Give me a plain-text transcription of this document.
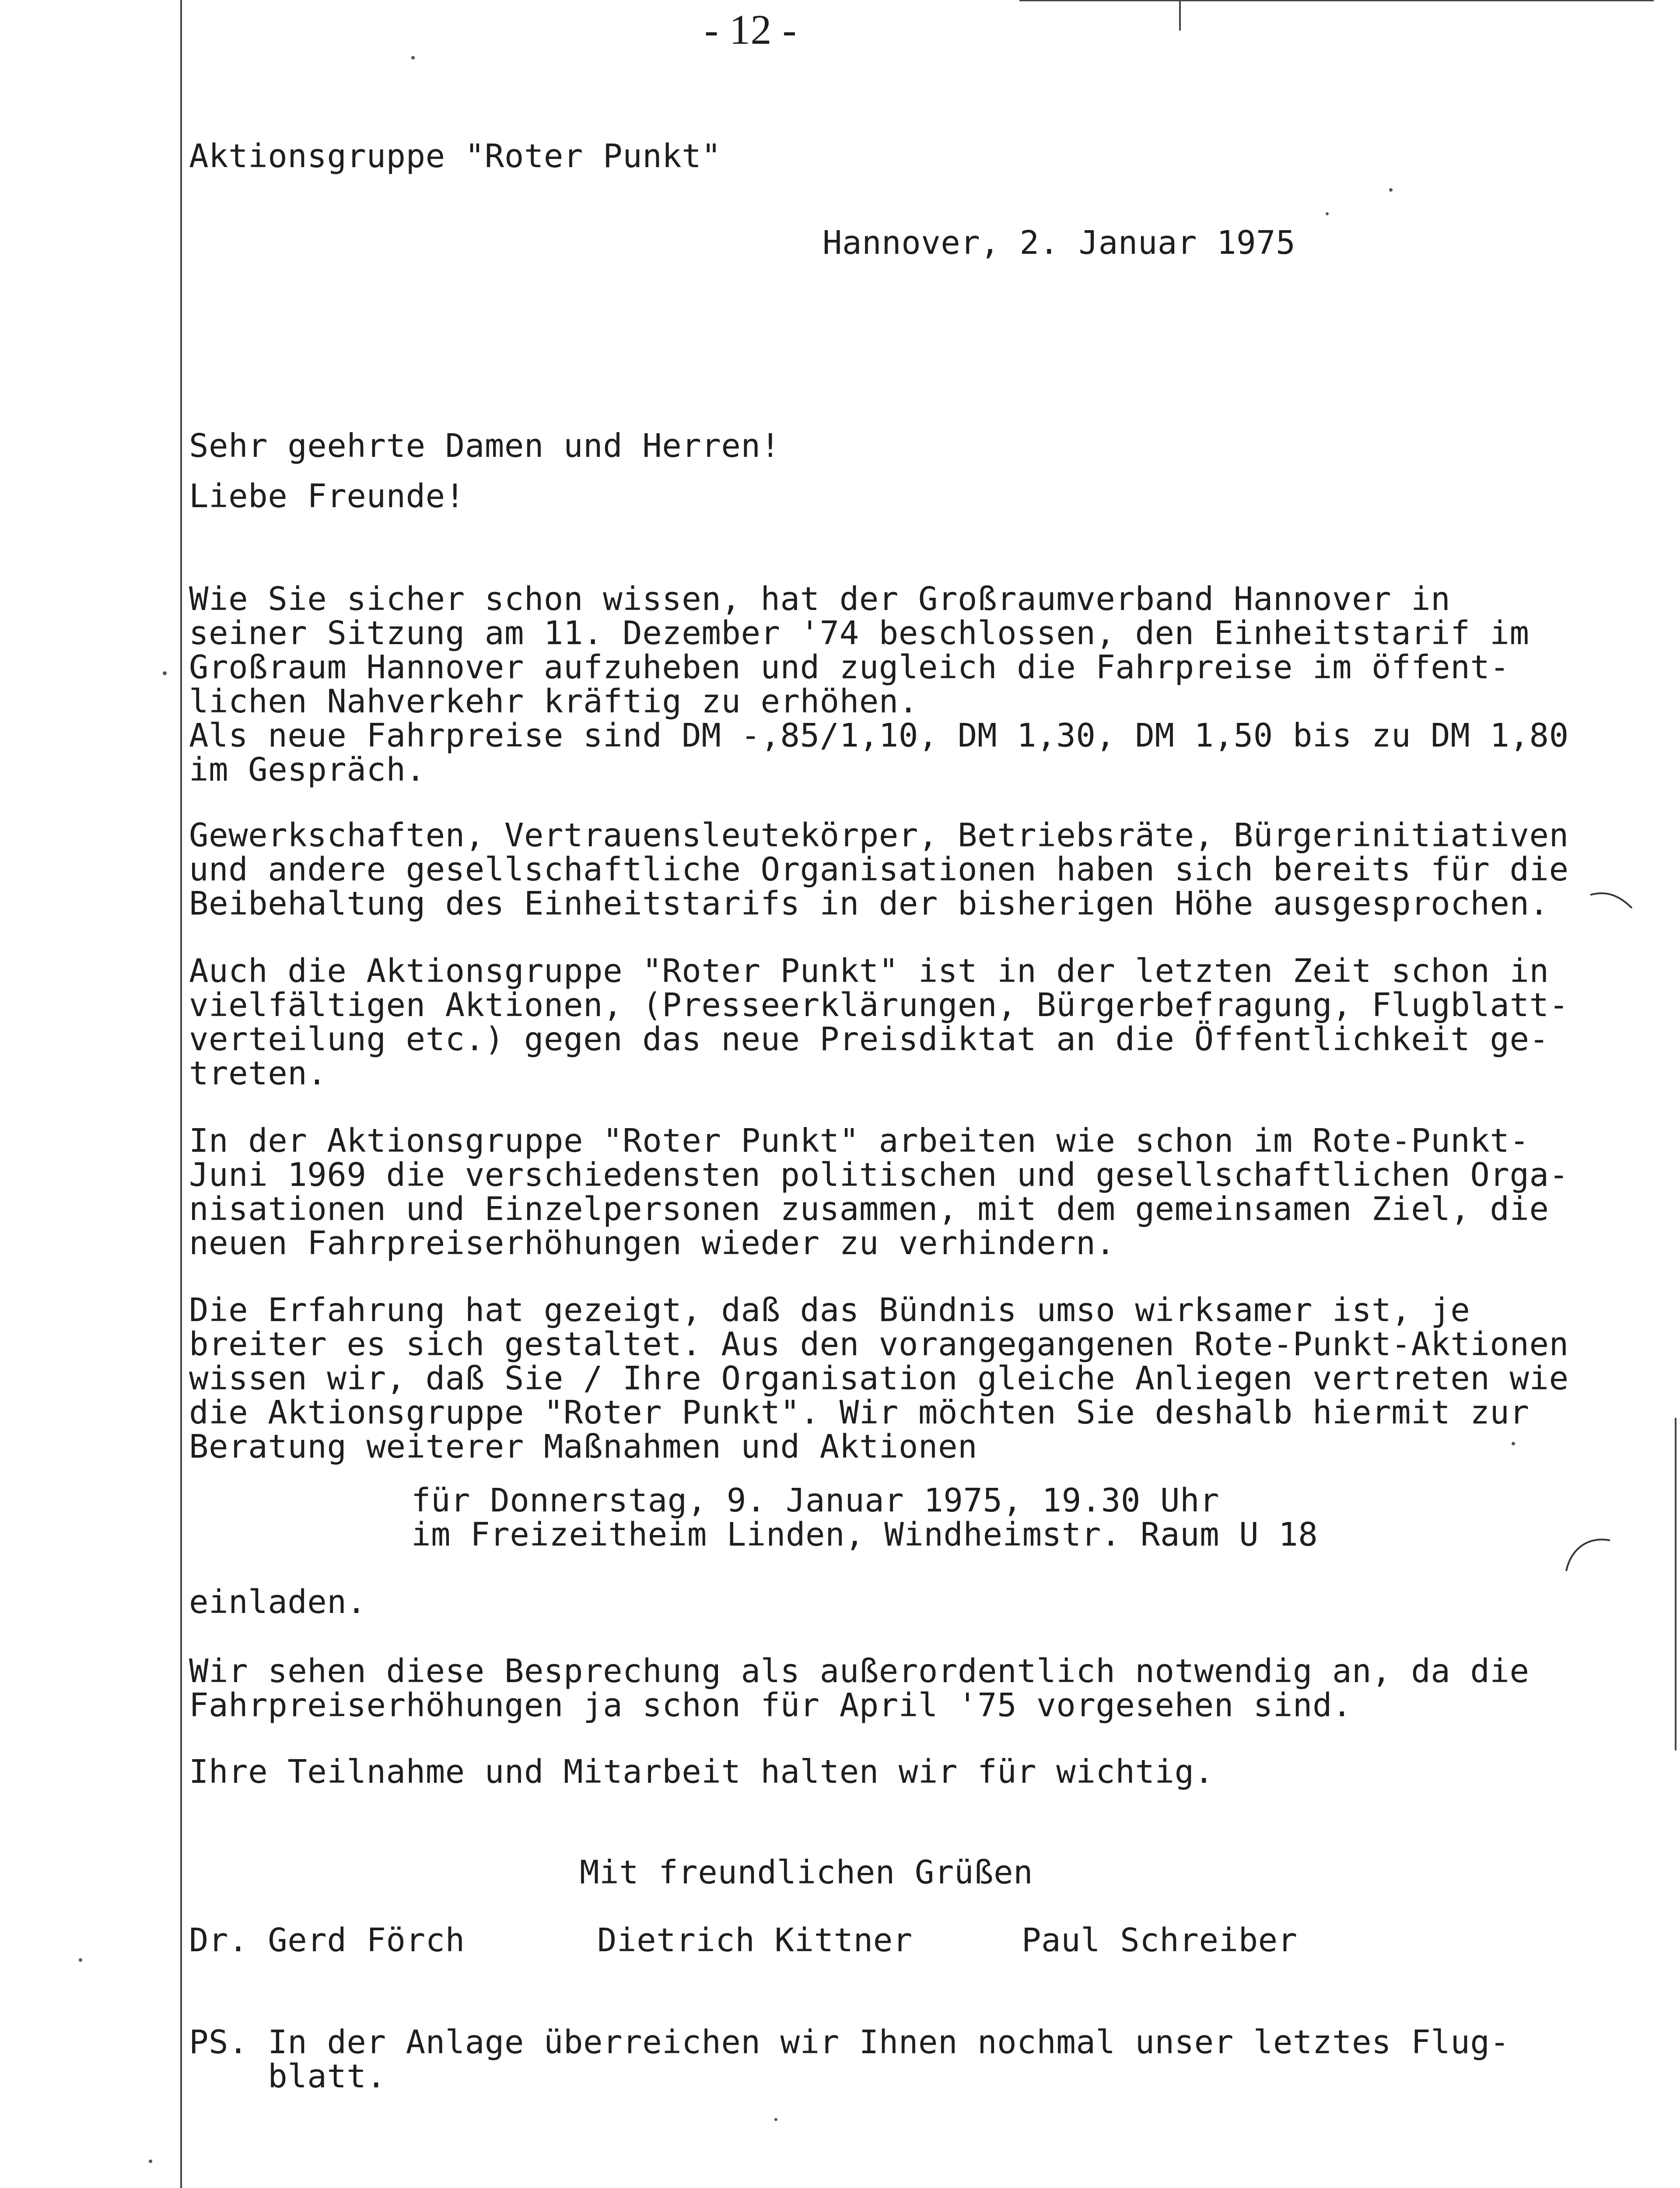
- 12 -
Aktionsgruppe "Roter Punkt"
Hannover, 2. Januar 1975
Sehr geehrte Damen und Herren!
Liebe Freunde!
Wie Sie sicher schon wissen, hat der Großraumverband Hannover in
seiner Sitzung am 11. Dezember '74 beschlossen, den Einheitstarif im
Großraum Hannover aufzuheben und zugleich die Fahrpreise im öffent-
lichen Nahverkehr kräftig zu erhöhen.
Als neue Fahrpreise sind DM -,85/1,10, DM 1,30, DM 1,50 bis zu DM 1,80
im Gespräch.
Gewerkschaften, Vertrauensleutekörper, Betriebsräte, Bürgerinitiativen
und andere gesellschaftliche Organisationen haben sich bereits für die
Beibehaltung des Einheitstarifs in der bisherigen Höhe ausgesprochen.
Auch die Aktionsgruppe "Roter Punkt" ist in der letzten Zeit schon in
vielfältigen Aktionen, (Presseerklärungen, Bürgerbefragung, Flugblatt-
verteilung etc.) gegen das neue Preisdiktat an die Öffentlichkeit ge-
treten.
In der Aktionsgruppe "Roter Punkt" arbeiten wie schon im Rote-Punkt-
Juni 1969 die verschiedensten politischen und gesellschaftlichen Orga-
nisationen und Einzelpersonen zusammen, mit dem gemeinsamen Ziel, die
neuen Fahrpreiserhöhungen wieder zu verhindern.
Die Erfahrung hat gezeigt, daß das Bündnis umso wirksamer ist, je
breiter es sich gestaltet. Aus den vorangegangenen Rote-Punkt-Aktionen
wissen wir, daß Sie / Ihre Organisation gleiche Anliegen vertreten wie
die Aktionsgruppe "Roter Punkt". Wir möchten Sie deshalb hiermit zur
Beratung weiterer Maßnahmen und Aktionen
für Donnerstag, 9. Januar 1975, 19.30 Uhr
im Freizeitheim Linden, Windheimstr. Raum U 18
einladen.
Wir sehen diese Besprechung als außerordentlich notwendig an, da die
Fahrpreiserhöhungen ja schon für April '75 vorgesehen sind.
Ihre Teilnahme und Mitarbeit halten wir für wichtig.
Mit freundlichen Grüßen
Dr. Gerd Förch	Dietrich Kittner	Paul Schreiber
PS. In der Anlage überreichen wir Ihnen nochmal unser letztes Flug-
blatt.
